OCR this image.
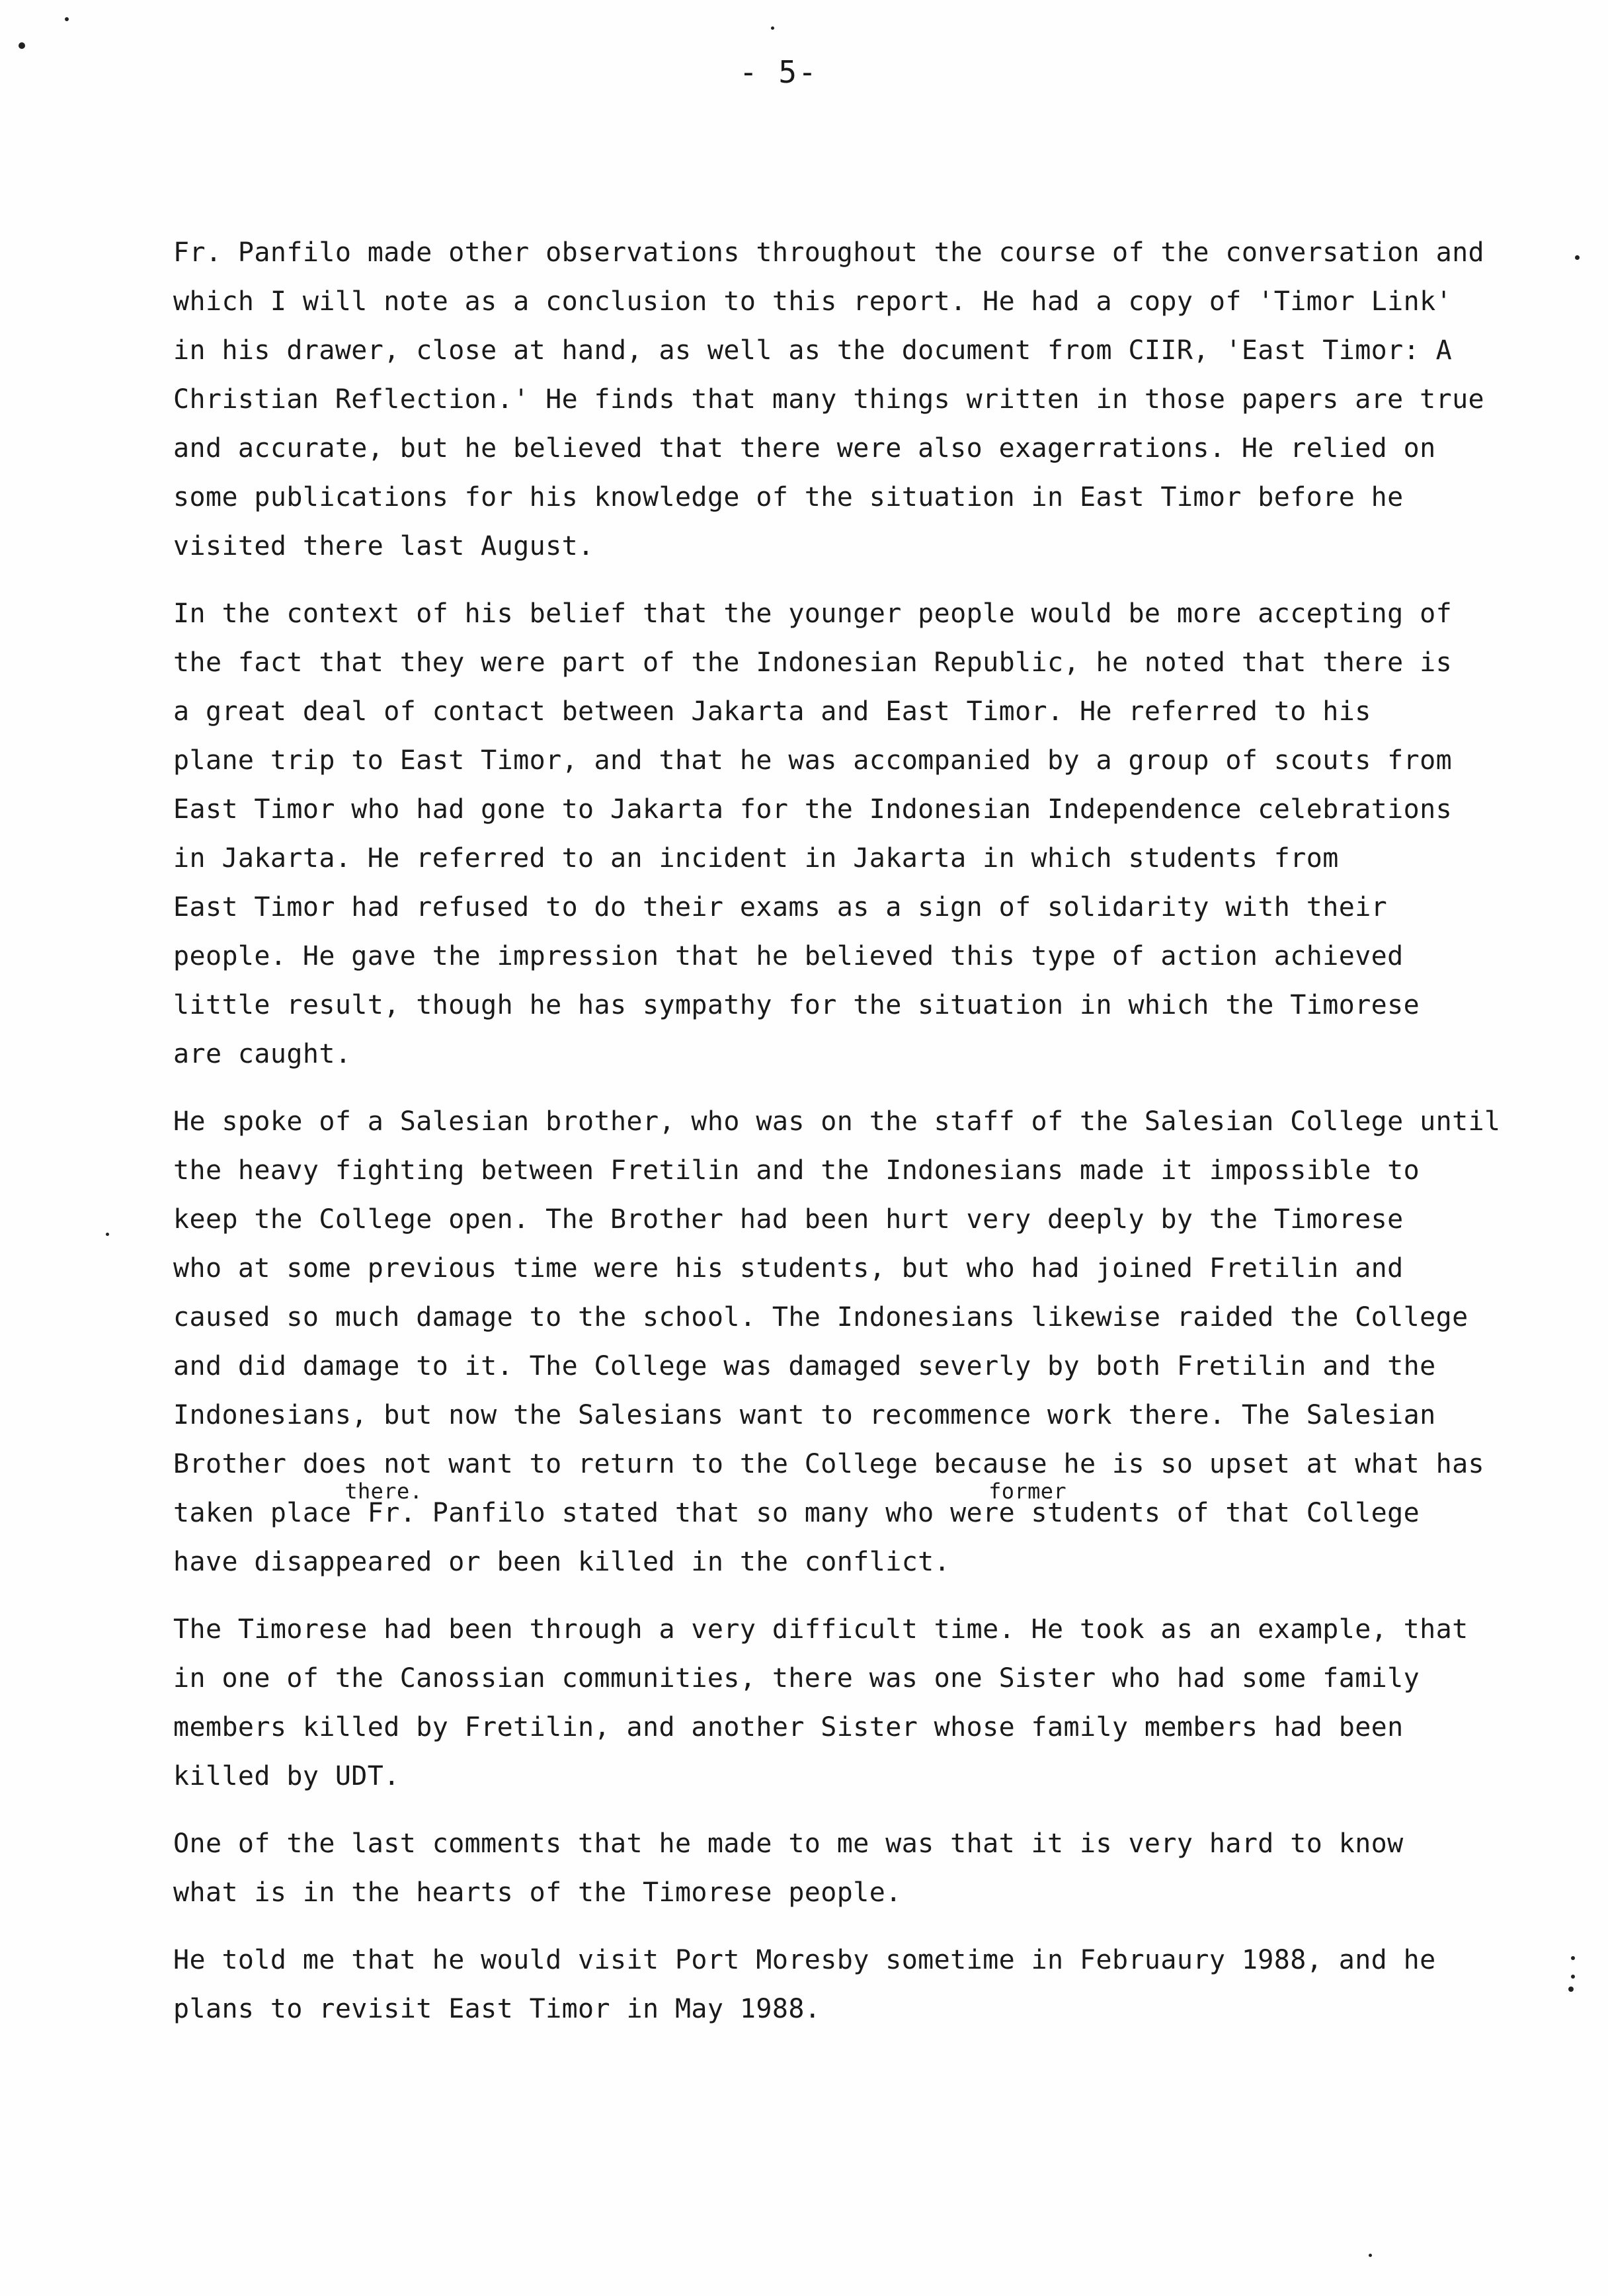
- 5-
Fr. Panfilo made other observations throughout the course of the conversation and
which I will note as a conclusion to this report. He had a copy of 'Timor Link'
in his drawer, close at hand, as well as the document from CIIR, 'East Timor: A
Christian Reflection.' He finds that many things written in those papers are true
and accurate, but he believed that there were also exagerrations. He relied on
some publications for his knowledge of the situation in East Timor before he
visited there last August.
In the context of his belief that the younger people would be more accepting of
the fact that they were part of the Indonesian Republic, he noted that there is
a great deal of contact between Jakarta and East Timor. He referred to his
plane trip to East Timor, and that he was accompanied by a group of scouts from
East Timor who had gone to Jakarta for the Indonesian Independence celebrations
in Jakarta. He referred to an incident in Jakarta in which students from
East Timor had refused to do their exams as a sign of solidarity with their
people. He gave the impression that he believed this type of action achieved
little result, though he has sympathy for the situation in which the Timorese
are caught.
He spoke of a Salesian brother, who was on the staff of the Salesian College until
the heavy fighting between Fretilin and the Indonesians made it impossible to
keep the College open. The Brother had been hurt very deeply by the Timorese
who at some previous time were his students, but who had joined Fretilin and
caused so much damage to the school. The Indonesians likewise raided the College
and did damage to it. The College was damaged severly by both Fretilin and the
Indonesians, but now the Salesians want to recommence work there. The Salesian
Brother does not want to return to the College because he is so upset at what has
taken place
there.
Fr. Panfilo stated that so many who were
former
students of that College
have disappeared or been killed in the conflict.
The Timorese had been through a very difficult time. He took as an example, that
in one of the Canossian communities, there was one Sister who had some family
members killed by Fretilin, and another Sister whose family members had been
killed by UDT.
One of the last comments that he made to me was that it is very hard to know
what is in the hearts of the Timorese people.
He told me that he would visit Port Moresby sometime in Februaury 1988, and he
plans to revisit East Timor in May 1988.
